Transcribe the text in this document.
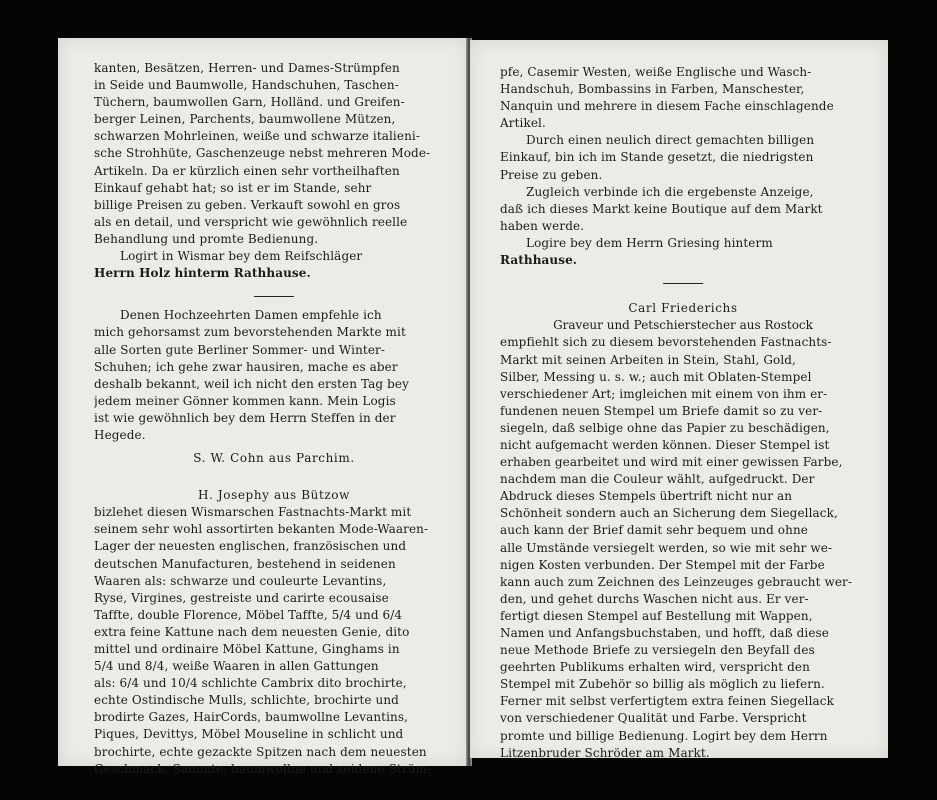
kanten, Besätzen, Herren- und Dames-Strümpfen
in Seide und Baumwolle, Handschuhen, Taschen-
Tüchern, baumwollen Garn, Holländ. und Greifen-
berger Leinen, Parchents, baumwollene Mützen,
schwarzen Mohrleinen, weiße und schwarze italieni-
sche Strohhüte, Gaschenzeuge nebst mehreren Mode-
Artikeln. Da er kürzlich einen sehr vortheilhaften
Einkauf gehabt hat; so ist er im Stande, sehr
billige Preisen zu geben. Verkauft sowohl en gros
als en detail, und verspricht wie gewöhnlich reelle
Behandlung und promte Bedienung.
Logirt in Wismar bey dem Reifschläger
Herrn Holz hinterm Rathhause.
Denen Hochzeehrten Damen empfehle ich
mich gehorsamst zum bevorstehenden Markte mit
alle Sorten gute Berliner Sommer- und Winter-
Schuhen; ich gehe zwar hausiren, mache es aber
deshalb bekannt, weil ich nicht den ersten Tag bey
jedem meiner Gönner kommen kann. Mein Logis
ist wie gewöhnlich bey dem Herrn Steffen in der
Hegede.
S. W. Cohn aus Parchim.
H. Josephy aus Bützow
bizlehet diesen Wismarschen Fastnachts-Markt mit
seinem sehr wohl assortirten bekanten Mode-Waaren-
Lager der neuesten englischen, französischen und
deutschen Manufacturen, bestehend in seidenen
Waaren als: schwarze und couleurte Levantins,
Ryse, Virgines, gestreiste und carirte ecousaise
Taffte, double Florence, Möbel Taffte, 5/4 und 6/4
extra feine Kattune nach dem neuesten Genie, dito
mittel und ordinaire Möbel Kattune, Ginghams in
5/4 und 8/4, weiße Waaren in allen Gattungen
als: 6/4 und 10/4 schlichte Cambrix dito brochirte,
echte Ostindische Mulls, schlichte, brochirte und
brodirte Gazes, HairCords, baumwollne Levantins,
Piques, Devittys, Möbel Mouseline in schlicht und
brochirte, echte gezackte Spitzen nach dem neuesten
Geschmack, Sammte, baumwollne und seidene Strüm-
pfe, Casemir Westen, weiße Englische und Wasch-
Handschuh, Bombassins in Farben, Manschester,
Nanquin und mehrere in diesem Fache einschlagende
Artikel.
Durch einen neulich direct gemachten billigen
Einkauf, bin ich im Stande gesetzt, die niedrigsten
Preise zu geben.
Zugleich verbinde ich die ergebenste Anzeige,
daß ich dieses Markt keine Boutique auf dem Markt
haben werde.
Logire bey dem Herrn Griesing hinterm
Rathhause.
Carl Friederichs
Graveur und Petschierstecher aus Rostock
empfiehlt sich zu diesem bevorstehenden Fastnachts-
Markt mit seinen Arbeiten in Stein, Stahl, Gold,
Silber, Messing u. s. w.; auch mit Oblaten-Stempel
verschiedener Art; imgleichen mit einem von ihm er-
fundenen neuen Stempel um Briefe damit so zu ver-
siegeln, daß selbige ohne das Papier zu beschädigen,
nicht aufgemacht werden können. Dieser Stempel ist
erhaben gearbeitet und wird mit einer gewissen Farbe,
nachdem man die Couleur wählt, aufgedruckt. Der
Abdruck dieses Stempels übertrift nicht nur an
Schönheit sondern auch an Sicherung dem Siegellack,
auch kann der Brief damit sehr bequem und ohne
alle Umstände versiegelt werden, so wie mit sehr we-
nigen Kosten verbunden. Der Stempel mit der Farbe
kann auch zum Zeichnen des Leinzeuges gebraucht wer-
den, und gehet durchs Waschen nicht aus. Er ver-
fertigt diesen Stempel auf Bestellung mit Wappen,
Namen und Anfangsbuchstaben, und hofft, daß diese
neue Methode Briefe zu versiegeln den Beyfall des
geehrten Publikums erhalten wird, verspricht den
Stempel mit Zubehör so billig als möglich zu liefern.
Ferner mit selbst verfertigtem extra feinen Siegellack
von verschiedener Qualität und Farbe. Verspricht
promte und billige Bedienung. Logirt bey dem Herrn
Litzenbruder Schröder am Markt.
